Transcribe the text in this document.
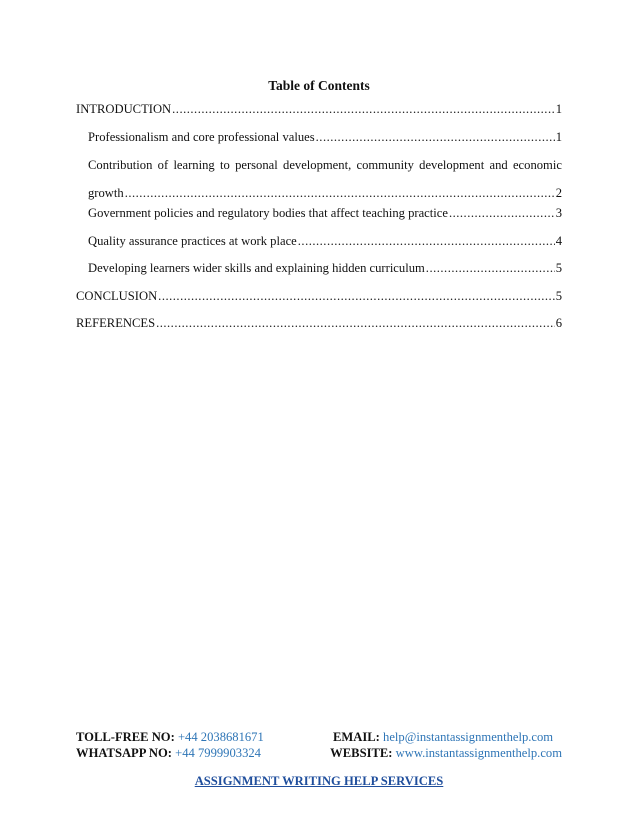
Table of Contents
INTRODUCTION .....	1
Professionalism and core professional values .....	1
Contribution of learning to personal development, community development and economic
growth .....	2
Government policies and regulatory bodies that affect teaching practice .....	3
Quality assurance practices at work place .....	4
Developing learners wider skills and explaining hidden curriculum .....	5
CONCLUSION .....	5
REFERENCES .....	6
TOLL-FREE NO: +44 2038681671	EMAIL: help@instantassignmenthelp.com
WHATSAPP NO: +44 7999903324	WEBSITE: www.instantassignmenthelp.com
ASSIGNMENT WRITING HELP SERVICES
